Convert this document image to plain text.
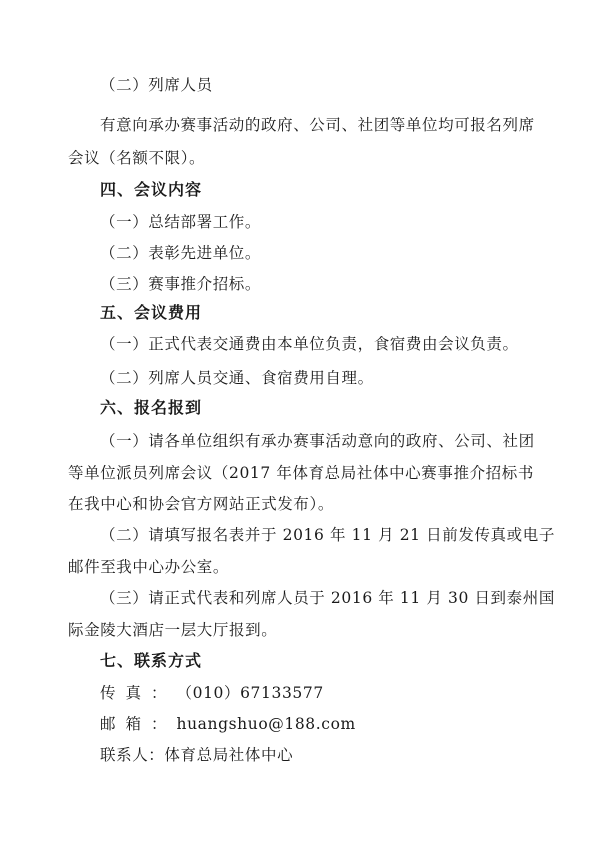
（二）列席人员
有意向承办赛事活动的政府、公司、社团等单位均可报名列席
会议（名额不限）。
四、会议内容
（一）总结部署工作。
（二）表彰先进单位。
（三）赛事推介招标。
五、会议费用
（一）正式代表交通费由本单位负责，食宿费由会议负责。
（二）列席人员交通、食宿费用自理。
六、报名报到
（一）请各单位组织有承办赛事活动意向的政府、公司、社团
等单位派员列席会议（2017 年体育总局社体中心赛事推介招标书
在我中心和协会官方网站正式发布）。
（二）请填写报名表并于 2016 年 11 月 21 日前发传真或电子
邮件至我中心办公室。
（三）请正式代表和列席人员于 2016 年 11 月 30 日到泰州国
际金陵大酒店一层大厅报到。
七、联系方式
传真：（010）67133577
邮箱：huangshuo@188.com
联系人：体育总局社体中心
